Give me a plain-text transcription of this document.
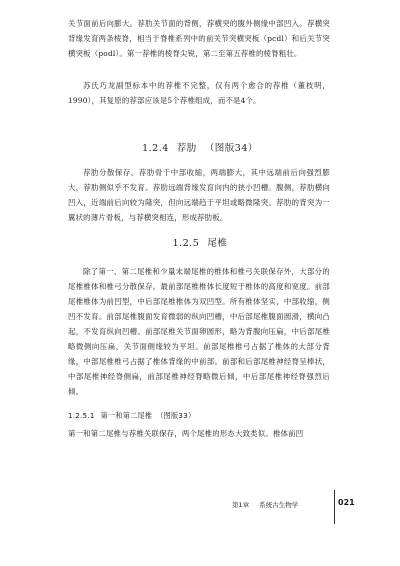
关节面前后向膨大。荐肋关节面的背侧，荐横突的腹外侧缘中部凹入。荐横突背缘发育两条棱脊，相当于脊椎系列中的前关节突横突板（pcdl）和后关节突横突板（podl）。第一荐椎的棱脊尖锐，第二至第五荐椎的棱脊粗壮。

苏氏巧龙副型标本中的荐椎不完整，仅有两个愈合的荐椎（董枝明，1990），其复原的荐部应该是5个荐椎组成，而不是4个。

1.2.4 荐肋 （图版34）

荐肋分散保存。荐肋骨干中部收缩，两端膨大，其中远端前后向强烈膨大，荐肋侧似乎不发育。荐肋远端背缘发育向内的狭小凹槽。腹侧，荐肋横向凹入，近端前后向较为隆突，但向远端趋于平坦或略微隆突。荐肋的背突为一翼状的薄片骨板，与荐横突相连，形成荐肋板。

1.2.5 尾椎

除了第一、第二尾椎和少量末端尾椎的椎体和椎弓关联保存外，大部分的尾椎椎体和椎弓分散保存。最前部尾椎椎体长度短于椎体的高度和宽度。前部尾椎椎体为前凹型，中后部尾椎椎体为双凹型。所有椎体坚实，中部收缩，侧凹不发育。前部尾椎腹面发育微弱的纵向凹槽，中后部尾椎腹面圆滑，横向凸起，不发育纵向凹槽。前部尾椎关节面卵圆形，略为背腹向压扁，中后部尾椎略微侧向压扁，关节面侧缘较为平坦。前部尾椎椎弓占据了椎体的大部分背缘，中部尾椎椎弓占据了椎体背缘的中前部。前部和后部尾椎神经脊呈棒状，中部尾椎神经脊侧扁，前部尾椎神经脊略微后倾，中后部尾椎神经脊强烈后倾。

1.2.5.1 第一和第二尾椎 （图版33）

第一和第二尾椎与荐椎关联保存，两个尾椎的形态大致类似。椎体前凹

第1章 系统古生物学	021
